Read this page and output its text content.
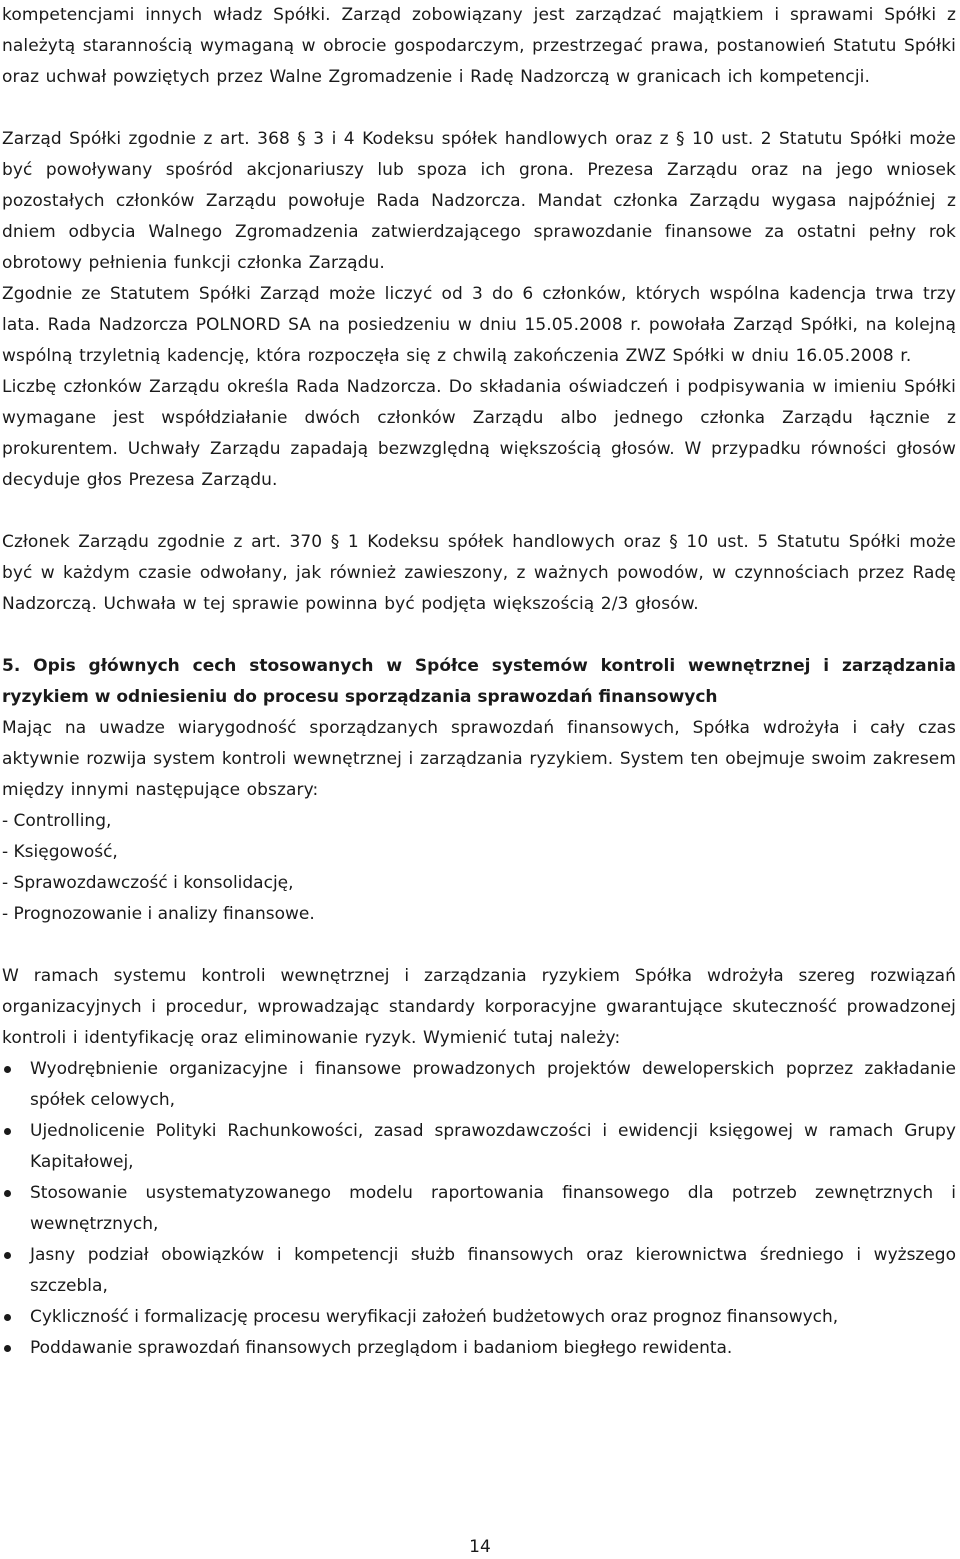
kompetencjami innych władz Spółki. Zarząd zobowiązany jest zarządzać majątkiem i sprawami Spółki z należytą starannością wymaganą w obrocie gospodarczym, przestrzegać prawa, postanowień Statutu Spółki oraz uchwał powziętych przez Walne Zgromadzenie i Radę Nadzorczą w granicach ich kompetencji.

Zarząd Spółki zgodnie z art. 368 § 3 i 4 Kodeksu spółek handlowych oraz z § 10 ust. 2 Statutu Spółki może być powoływany spośród akcjonariuszy lub spoza ich grona. Prezesa Zarządu oraz na jego wniosek pozostałych członków Zarządu powołuje Rada Nadzorcza. Mandat członka Zarządu wygasa najpóźniej z dniem odbycia Walnego Zgromadzenia zatwierdzającego sprawozdanie finansowe za ostatni pełny rok obrotowy pełnienia funkcji członka Zarządu.

Zgodnie ze Statutem Spółki Zarząd może liczyć od 3 do 6 członków, których wspólna kadencja trwa trzy lata. Rada Nadzorcza POLNORD SA na posiedzeniu w dniu 15.05.2008 r. powołała Zarząd Spółki, na kolejną wspólną trzyletnią kadencję, która rozpoczęła się z chwilą zakończenia ZWZ Spółki w dniu 16.05.2008 r.

Liczbę członków Zarządu określa Rada Nadzorcza. Do składania oświadczeń i podpisywania w imieniu Spółki wymagane jest współdziałanie dwóch członków Zarządu albo jednego członka Zarządu łącznie z prokurentem. Uchwały Zarządu zapadają bezwzględną większością głosów. W przypadku równości głosów decyduje głos Prezesa Zarządu.

Członek Zarządu zgodnie z art. 370 § 1 Kodeksu spółek handlowych oraz § 10 ust. 5 Statutu Spółki może być w każdym czasie odwołany, jak również zawieszony, z ważnych powodów, w czynnościach przez Radę Nadzorczą. Uchwała w tej sprawie powinna być podjęta większością 2/3 głosów.

5. Opis głównych cech stosowanych w Spółce systemów kontroli wewnętrznej i zarządzania ryzykiem w odniesieniu do procesu sporządzania sprawozdań finansowych

Mając na uwadze wiarygodność sporządzanych sprawozdań finansowych, Spółka wdrożyła i cały czas aktywnie rozwija system kontroli wewnętrznej i zarządzania ryzykiem. System ten obejmuje swoim zakresem między innymi następujące obszary:

- Controlling,

- Księgowość,

- Sprawozdawczość i konsolidację,

- Prognozowanie i analizy finansowe.

W ramach systemu kontroli wewnętrznej i zarządzania ryzykiem Spółka wdrożyła szereg rozwiązań organizacyjnych i procedur, wprowadzając standardy korporacyjne gwarantujące skuteczność prowadzonej kontroli i identyfikację oraz eliminowanie ryzyk. Wymienić tutaj należy:

Wyodrębnienie organizacyjne i finansowe prowadzonych projektów deweloperskich poprzez zakładanie spółek celowych,
Ujednolicenie Polityki Rachunkowości, zasad sprawozdawczości i ewidencji księgowej w ramach Grupy Kapitałowej,
Stosowanie usystematyzowanego modelu raportowania finansowego dla potrzeb zewnętrznych i wewnętrznych,
Jasny podział obowiązków i kompetencji służb finansowych oraz kierownictwa średniego i wyższego szczebla,
Cykliczność i formalizację procesu weryfikacji założeń budżetowych oraz prognoz finansowych,
Poddawanie sprawozdań finansowych przeglądom i badaniom biegłego rewidenta.
14
